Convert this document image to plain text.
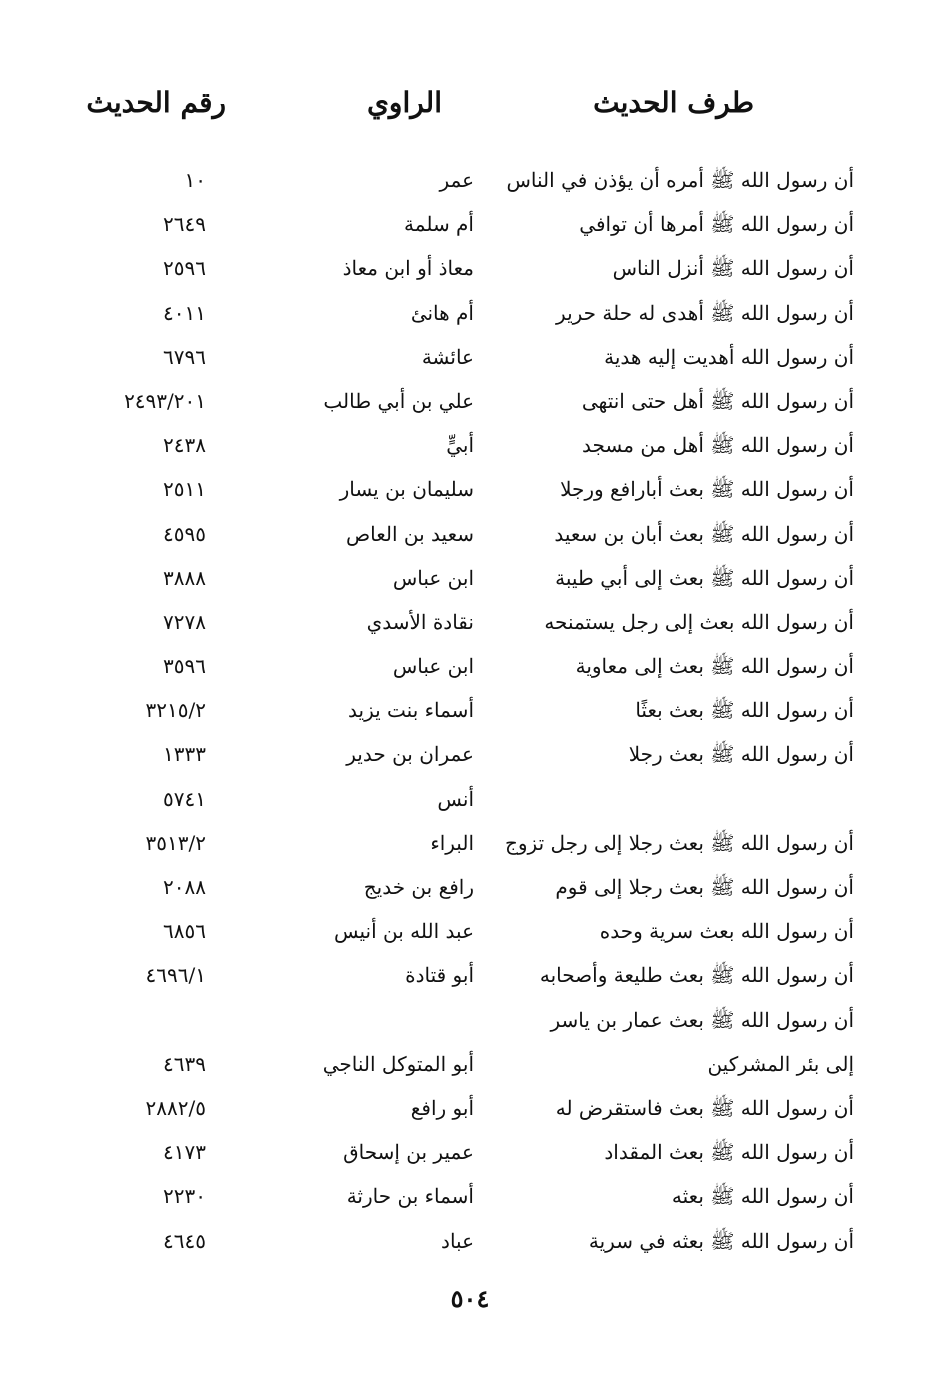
طرف الحديث
الراوي
رقم الحديث
أن رسول الله ﷺ أمره أن يؤذن في الناس
عمر
١٠
أن رسول الله ﷺ أمرها أن توافي
أم سلمة
٢٦٤٩
أن رسول الله ﷺ أنزل الناس
معاذ أو ابن معاذ
٢٥٩٦
أن رسول الله ﷺ أهدى له حلة حرير
أم هانئ
٤٠١١
أن رسول الله أهديت إليه هدية
عائشة
٦٧٩٦
أن رسول الله ﷺ أهل حتى انتهى
علي بن أبي طالب
٢٤٩٣/٢٠١
أن رسول الله ﷺ أهل من مسجد
أبيٍّ
٢٤٣٨
أن رسول الله ﷺ بعث أبارافع ورجلا
سليمان بن يسار
٢٥١١
أن رسول الله ﷺ بعث أبان بن سعيد
سعيد بن العاص
٤٥٩٥
أن رسول الله ﷺ بعث إلى أبي طيبة
ابن عباس
٣٨٨٨
أن رسول الله بعث إلى رجل يستمنحه
نقادة الأسدي
٧٢٧٨
أن رسول الله ﷺ بعث إلى معاوية
ابن عباس
٣٥٩٦
أن رسول الله ﷺ بعث بعثًا
أسماء بنت يزيد
٣٢١٥/٢
أن رسول الله ﷺ بعث رجلا
عمران بن حدير
١٣٣٣
أنس
٥٧٤١
أن رسول الله ﷺ بعث رجلا إلى رجل تزوج
البراء
٣٥١٣/٢
أن رسول الله ﷺ بعث رجلا إلى قوم
رافع بن خديج
٢٠٨٨
أن رسول الله بعث سرية وحده
عبد الله بن أنيس
٦٨٥٦
أن رسول الله ﷺ بعث طليعة وأصحابه
أبو قتادة
٤٦٩٦/١
أن رسول الله ﷺ بعث عمار بن ياسر
إلى بئر المشركين
أبو المتوكل الناجي
٤٦٣٩
أن رسول الله ﷺ بعث فاستقرض له
أبو رافع
٢٨٨٢/٥
أن رسول الله ﷺ بعث المقداد
عمير بن إسحاق
٤١٧٣
أن رسول الله ﷺ بعثه
أسماء بن حارثة
٢٢٣٠
أن رسول الله ﷺ بعثه في سرية
عباد
٤٦٤٥
٥٠٤
